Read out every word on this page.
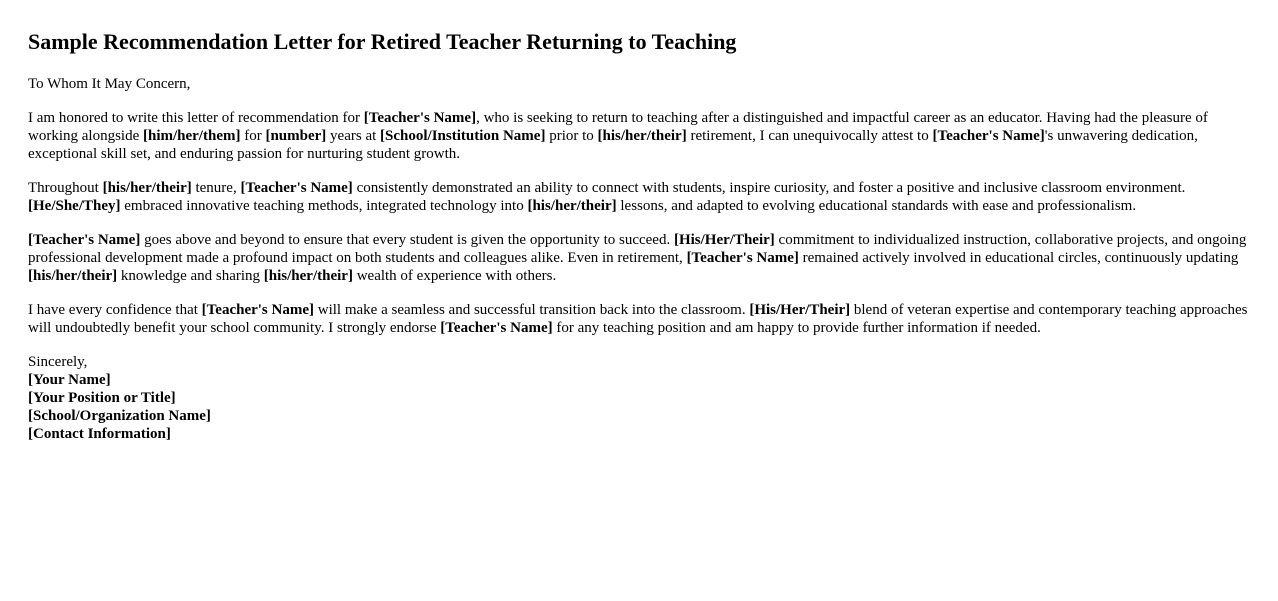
Sample Recommendation Letter for Retired Teacher Returning to Teaching

To Whom It May Concern,

I am honored to write this letter of recommendation for [Teacher's Name], who is seeking to return to teaching after a distinguished and impactful career as an educator. Having had the pleasure of working alongside [him/her/them] for [number] years at [School/Institution Name] prior to [his/her/their] retirement, I can unequivocally attest to [Teacher's Name]'s unwavering dedication, exceptional skill set, and enduring passion for nurturing student growth.

Throughout [his/her/their] tenure, [Teacher's Name] consistently demonstrated an ability to connect with students, inspire curiosity, and foster a positive and inclusive classroom environment. [He/She/They] embraced innovative teaching methods, integrated technology into [his/her/their] lessons, and adapted to evolving educational standards with ease and professionalism.

[Teacher's Name] goes above and beyond to ensure that every student is given the opportunity to succeed. [His/Her/Their] commitment to individualized instruction, collaborative projects, and ongoing professional development made a profound impact on both students and colleagues alike. Even in retirement, [Teacher's Name] remained actively involved in educational circles, continuously updating [his/her/their] knowledge and sharing [his/her/their] wealth of experience with others.

I have every confidence that [Teacher's Name] will make a seamless and successful transition back into the classroom. [His/Her/Their] blend of veteran expertise and contemporary teaching approaches will undoubtedly benefit your school community. I strongly endorse [Teacher's Name] for any teaching position and am happy to provide further information if needed.

Sincerely,

[Your Name]
[Your Position or Title]
[School/Organization Name]
[Contact Information]
